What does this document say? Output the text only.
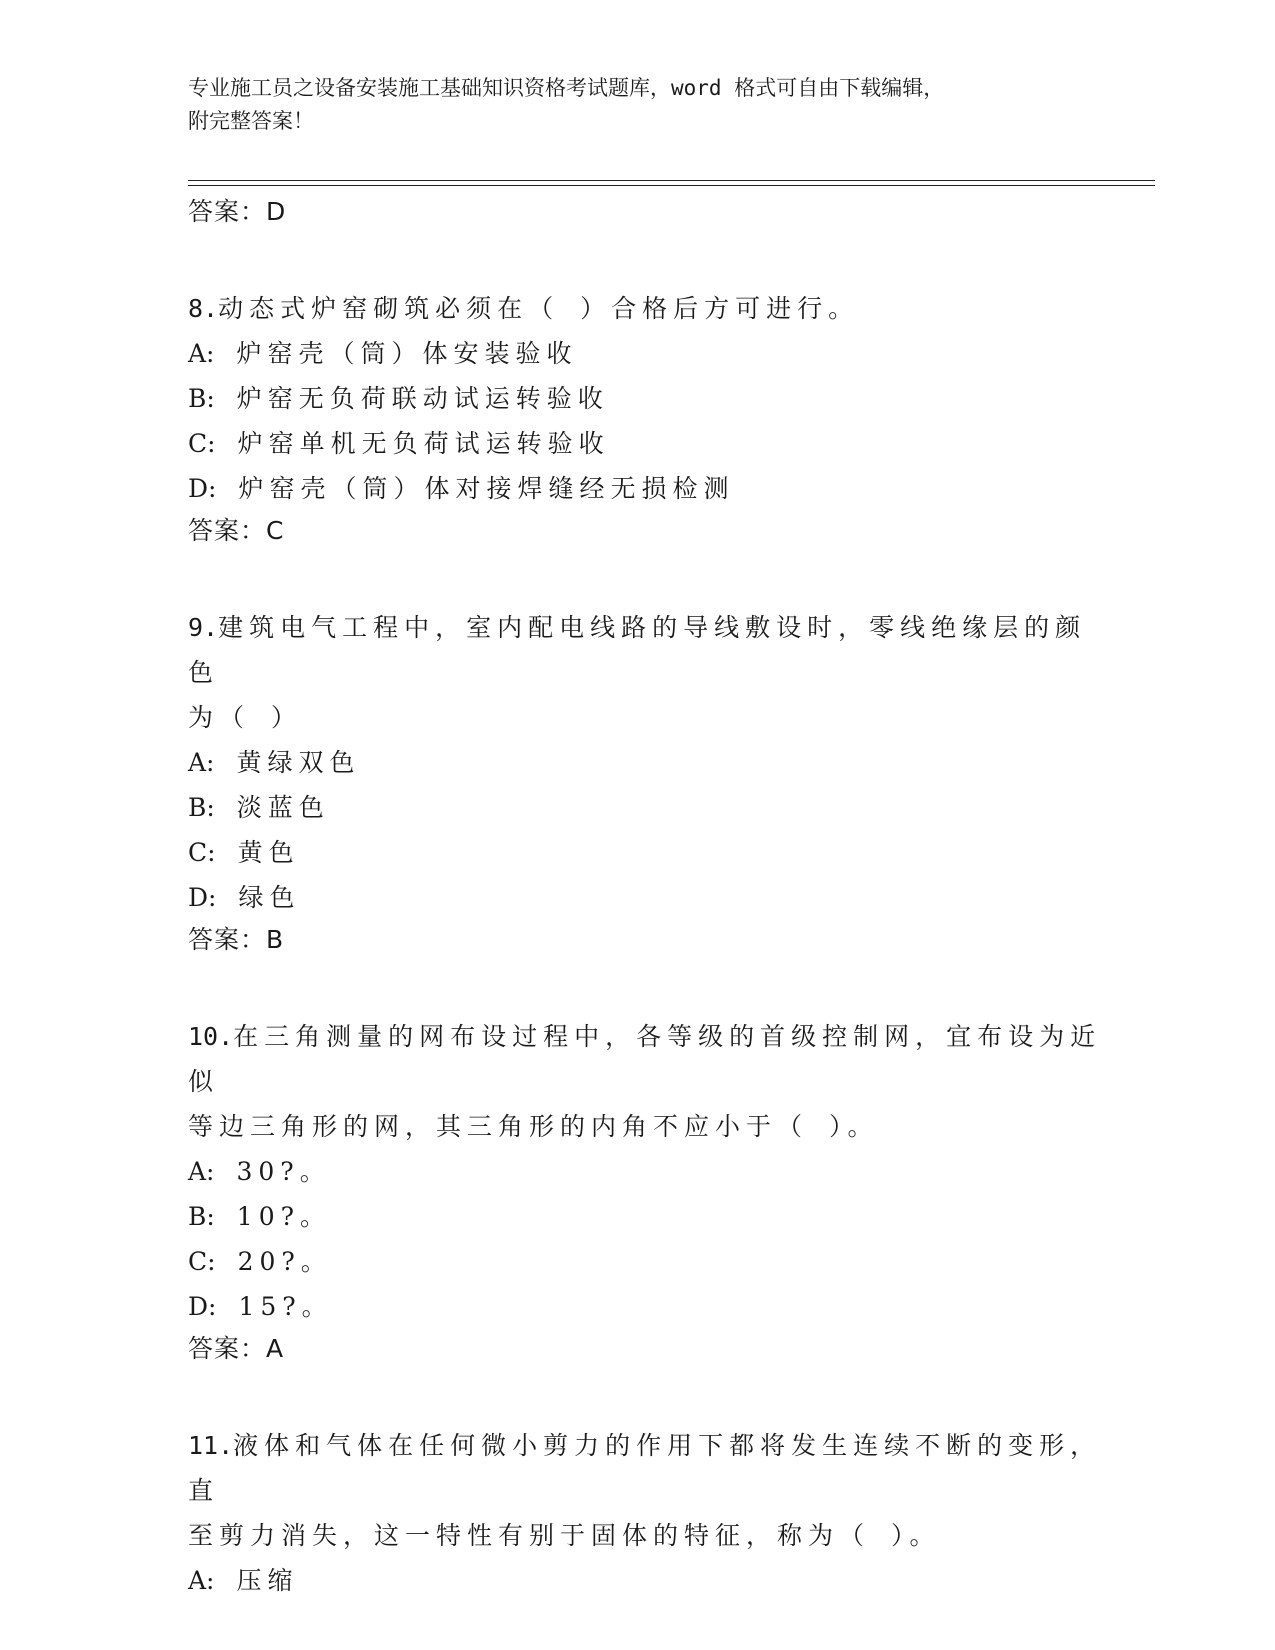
专业施工员之设备安装施工基础知识资格考试题库，word 格式可自由下载编辑，
附完整答案！

答案：D

8.动态式炉窑砌筑必须在（ ）合格后方可进行。

A: 炉窑壳（筒）体安装验收

B: 炉窑无负荷联动试运转验收

C: 炉窑单机无负荷试运转验收

D: 炉窑壳（筒）体对接焊缝经无损检测

答案：C

9.建筑电气工程中，室内配电线路的导线敷设时，零线绝缘层的颜色

为（ ）

A: 黄绿双色

B: 淡蓝色

C: 黄色

D: 绿色

答案：B

10.在三角测量的网布设过程中，各等级的首级控制网，宜布设为近似

等边三角形的网，其三角形的内角不应小于（ ）。

A: 30?。

B: 10?。

C: 20?。

D: 15?。

答案：A

11.液体和气体在任何微小剪力的作用下都将发生连续不断的变形，直

至剪力消失，这一特性有别于固体的特征，称为（ ）。

A: 压缩
